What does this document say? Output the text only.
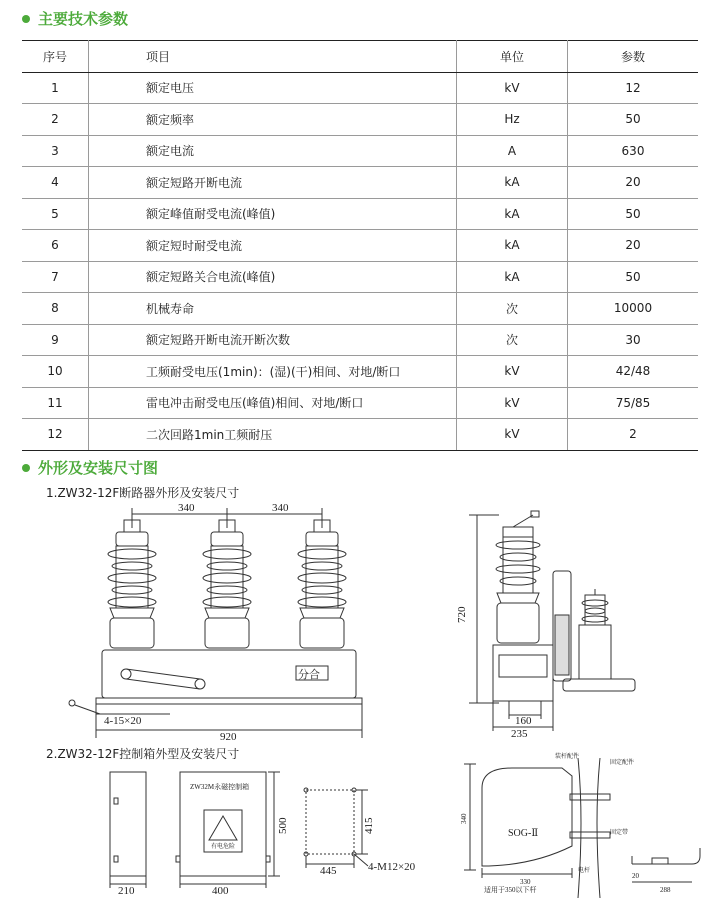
主要技术参数
序号	项目	单位	参数
1	额定电压	kV	12
2	额定频率	Hz	50
3	额定电流	A	630
4	额定短路开断电流	kA	20
5	额定峰值耐受电流(峰值)	kA	50
6	额定短时耐受电流	kA	20
7	额定短路关合电流(峰值)	kA	50
8	机械寿命	次	10000
9	额定短路开断电流开断次数	次	30
10	工频耐受电压(1min)：(湿)(干)相间、对地/断口	kV	42/48
11	雷电冲击耐受电压(峰值)相间、对地/断口	kV	75/85
12	二次回路1min工频耐压	kV	2
外形及安装尺寸图
1.ZW32-12F断路器外形及安装尺寸
340	340
分合
4-15×20
920
720
160
235
2.ZW32-12F控制箱外型及安装尺寸
210
ZW32M永磁控制箱
有电危险
400
500	415
445	4-M12×20
340
SOG-Ⅱ
330
装杆配件
固定配件
固定带
电杆
适用于350以下杆
20
288
